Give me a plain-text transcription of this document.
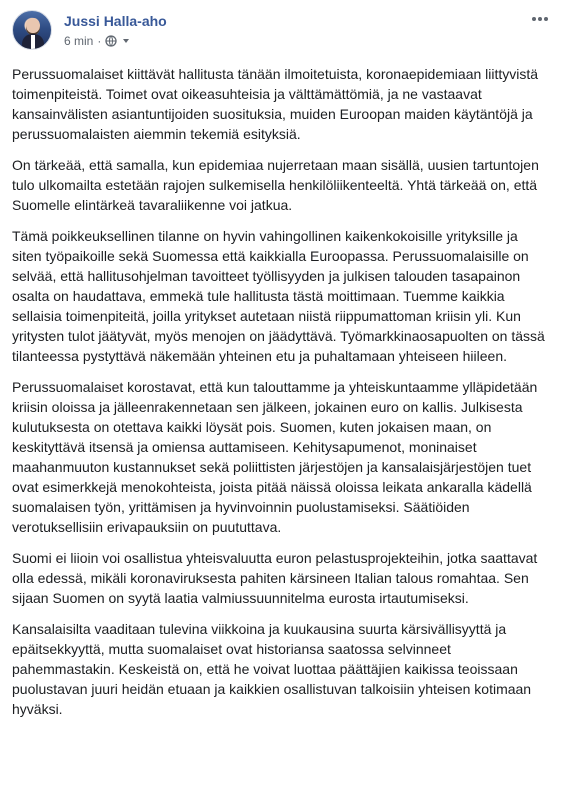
Jussi Halla-aho
6 min ·

Perussuomalaiset kiittävät hallitusta tänään ilmoitetuista, koronaepidemiaan liittyvistä toimenpiteistä. Toimet ovat oikeasuhteisia ja välttämättömiä, ja ne vastaavat kansainvälisten asiantuntijoiden suosituksia, muiden Euroopan maiden käytäntöjä ja perussuomalaisten aiemmin tekemiä esityksiä.

On tärkeää, että samalla, kun epidemiaa nujerretaan maan sisällä, uusien tartuntojen tulo ulkomailta estetään rajojen sulkemisella henkilöliikenteeltä. Yhtä tärkeää on, että Suomelle elintärkeä tavaraliikenne voi jatkua.

Tämä poikkeuksellinen tilanne on hyvin vahingollinen kaikenkokoisille yrityksille ja siten työpaikoille sekä Suomessa että kaikkialla Euroopassa. Perussuomalaisille on selvää, että hallitusohjelman tavoitteet työllisyyden ja julkisen talouden tasapainon osalta on haudattava, emmekä tule hallitusta tästä moittimaan. Tuemme kaikkia sellaisia toimenpiteitä, joilla yritykset autetaan niistä riippumattoman kriisin yli. Kun yritysten tulot jäätyvät, myös menojen on jäädyttävä. Työmarkkinaosapuolten on tässä tilanteessa pystyttävä näkemään yhteinen etu ja puhaltamaan yhteiseen hiileen.

Perussuomalaiset korostavat, että kun talouttamme ja yhteiskuntaamme ylläpidetään kriisin oloissa ja jälleenrakennetaan sen jälkeen, jokainen euro on kallis. Julkisesta kulutuksesta on otettava kaikki löysät pois. Suomen, kuten jokaisen maan, on keskityttävä itsensä ja omiensa auttamiseen. Kehitysapumenot, moninaiset maahanmuuton kustannukset sekä poliittisten järjestöjen ja kansalaisjärjestöjen tuet ovat esimerkkejä menokohteista, joista pitää näissä oloissa leikata ankaralla kädellä suomalaisen työn, yrittämisen ja hyvinvoinnin puolustamiseksi. Säätiöiden verotuksellisiin erivapauksiin on puututtava.

Suomi ei liioin voi osallistua yhteisvaluutta euron pelastusprojekteihin, jotka saattavat olla edessä, mikäli koronaviruksesta pahiten kärsineen Italian talous romahtaa. Sen sijaan Suomen on syytä laatia valmiussuunnitelma eurosta irtautumiseksi.

Kansalaisilta vaaditaan tulevina viikkoina ja kuukausina suurta kärsivällisyyttä ja epäitsekkyyttä, mutta suomalaiset ovat historiansa saatossa selvinneet pahemmastakin. Keskeistä on, että he voivat luottaa päättäjien kaikissa teoissaan puolustavan juuri heidän etuaan ja kaikkien osallistuvan talkoisiin yhteisen kotimaan hyväksi.
